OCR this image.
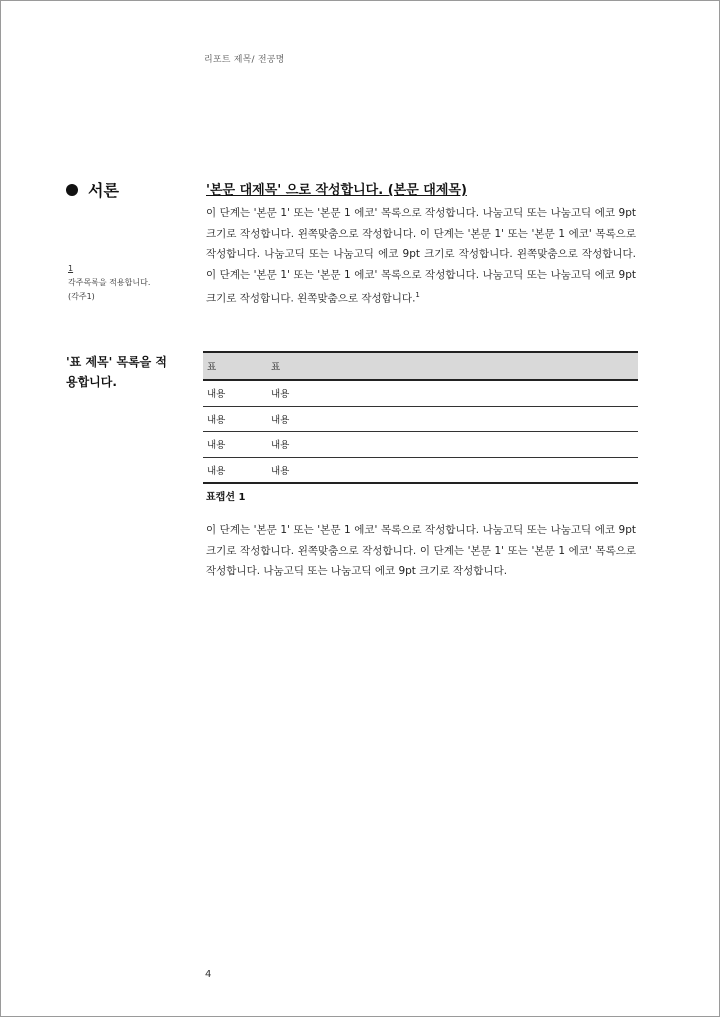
리포트 제목/ 전공명
서론
1
각주목록을 적용합니다.
(각주1)
'본문 대제목' 으로 작성합니다. (본문 대제목)

이 단계는 '본문 1' 또는 '본문 1 에코' 목록으로 작성합니다. 나눔고딕 또는 나눔고딕 에코 9pt 크기로 작성합니다. 왼쪽맞춤으로 작성합니다. 이 단계는 '본문 1' 또는 '본문 1 에코' 목록으로 작성합니다. 나눔고딕 또는 나눔고딕 에코 9pt 크기로 작성합니다. 왼쪽맞춤으로 작성합니다. 이 단계는 '본문 1' 또는 '본문 1 에코' 목록으로 작성합니다. 나눔고딕 또는 나눔고딕 에코 9pt 크기로 작성합니다. 왼쪽맞춤으로 작성합니다.$^1$

'표 제목' 목록을 적용합니다.
표	표
내용	내용
내용	내용
내용	내용
내용	내용
표캡션 1

이 단계는 '본문 1' 또는 '본문 1 에코' 목록으로 작성합니다. 나눔고딕 또는 나눔고딕 에코 9pt 크기로 작성합니다. 왼쪽맞춤으로 작성합니다. 이 단계는 '본문 1' 또는 '본문 1 에코' 목록으로 작성합니다. 나눔고딕 또는 나눔고딕 에코 9pt 크기로 작성합니다.

4
